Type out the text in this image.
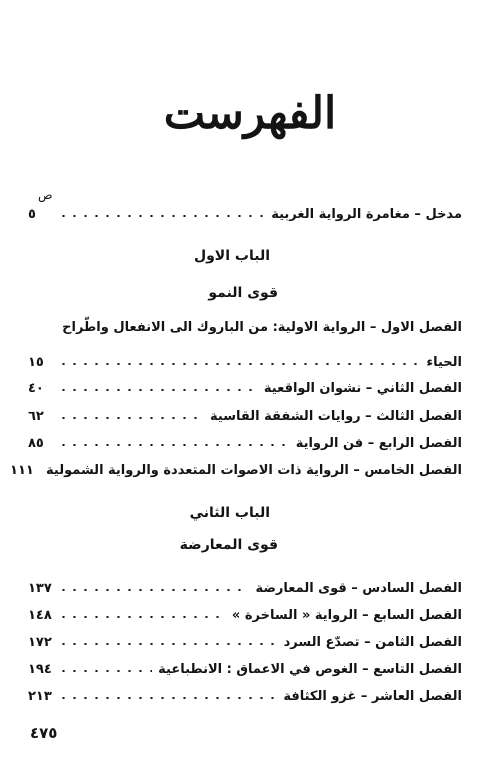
الفهرست
ص
مدخل – مغامرة الرواية الغربية
٥
الباب الاول
قوى النمو
الفصل الاول – الرواية الاولية: من الباروك الى الانفعال واطّراح
الحياء
١٥
الفصل الثاني – نشوان الواقعية
٤٠
الفصل الثالث – روايات الشفقة القاسية
٦٢
الفصل الرابع – فن الرواية
٨٥
الفصل الخامس – الرواية ذات الاصوات المتعددة والرواية الشمولية
١١١
الباب الثاني
قوى المعارضة
الفصل السادس – قوى المعارضة
١٣٧
الفصل السابع – الرواية « الساخرة »
١٤٨
الفصل الثامن – تصدّع السرد
١٧٢
الفصل التاسع – الغوص في الاعماق : الانطباعية
١٩٤
الفصل العاشر – غزو الكثافة
٢١٣
٤٧٥
